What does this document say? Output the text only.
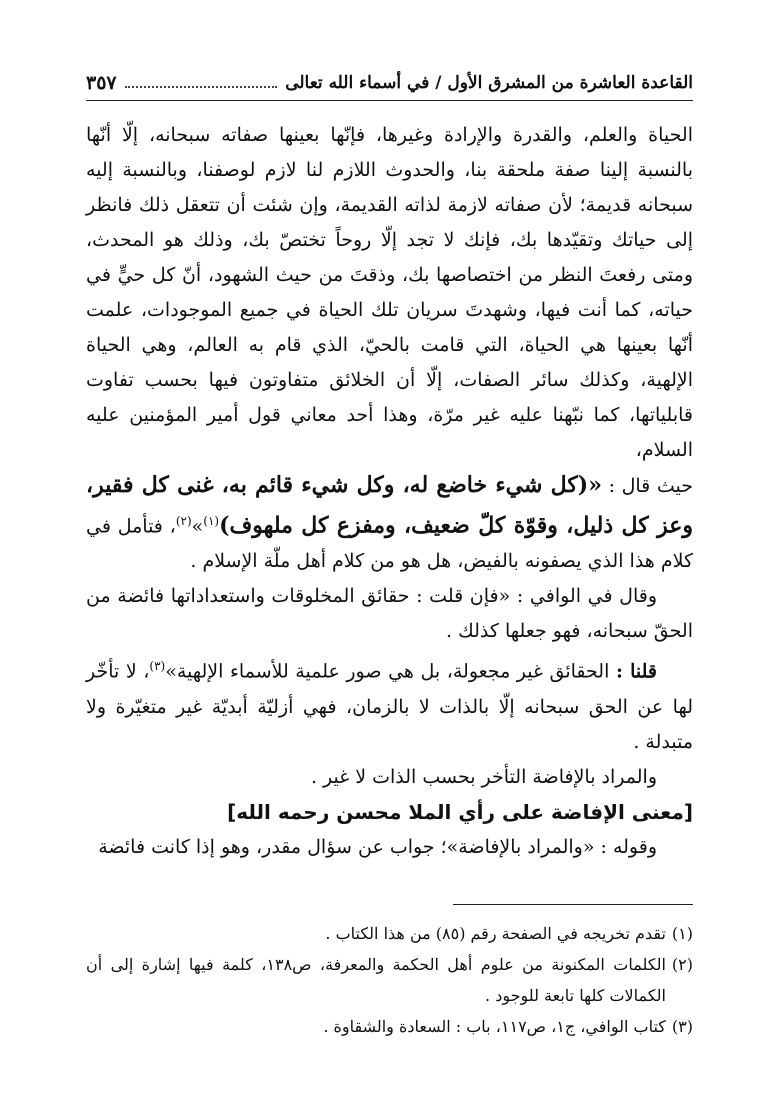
القاعدة العاشرة من المشرق الأول / في أسماء الله تعالى
٣٥٧

الحياة والعلم، والقدرة والإرادة وغيرها، فإنّها بعينها صفاته سبحانه، إلّا أنّها بالنسبة إلينا صفة ملحقة بنا، والحدوث اللازم لنا لازم لوصفنا، وبالنسبة إليه سبحانه قديمة؛ لأن صفاته لازمة لذاته القديمة، وإن شئت أن تتعقل ذلك فانظر إلى حياتك وتقيّدها بك، فإنك لا تجد إلّا روحاً تختصّ بك، وذلك هو المحدث، ومتى رفعتَ النظر من اختصاصها بك، وذقتَ من حيث الشهود، أنّ كل حيٍّ في حياته، كما أنت فيها، وشهدتَ سريان تلك الحياة في جميع الموجودات، علمت أنّها بعينها هي الحياة، التي قامت بالحيّ، الذي قام به العالم، وهي الحياة الإلهية، وكذلك سائر الصفات، إلّا أن الخلائق متفاوتون فيها بحسب تفاوت قابلياتها، كما نبّهنا عليه غير مرّة، وهذا أحد معاني قول أمير المؤمنين عليه السلام،

حيث قال : «(كل شيء خاضع له، وكل شيء قائم به، غنى كل فقير، وعز كل ذليل، وقوّة كلّ ضعيف، ومفزع كل ملهوف)$^{(١)}$»$^{(٢)}$، فتأمل في كلام هذا الذي يصفونه بالفيض، هل هو من كلام أهل ملّة الإسلام .

وقال في الوافي : «فإن قلت : حقائق المخلوقات واستعداداتها فائضة من الحقّ سبحانه، فهو جعلها كذلك .

قلنا : الحقائق غير مجعولة، بل هي صور علمية للأسماء الإلهية»$^{(٣)}$، لا تأخّر لها عن الحق سبحانه إلّا بالذات لا بالزمان، فهي أزليّة أبديّة غير متغيّرة ولا متبدلة .

والمراد بالإفاضة التأخر بحسب الذات لا غير .

[معنى الإفاضة على رأي الملا محسن رحمه الله]

وقوله : «والمراد بالإفاضة»؛ جواب عن سؤال مقدر، وهو إذا كانت فائضة

(١)
تقدم تخريجه في الصفحة رقم (٨٥) من هذا الكتاب .
(٢)
الكلمات المكنونة من علوم أهل الحكمة والمعرفة، ص١٣٨، كلمة فيها إشارة إلى أن الكمالات كلها تابعة للوجود .
(٣)
كتاب الوافي، ج١، ص١١٧، باب : السعادة والشقاوة .
